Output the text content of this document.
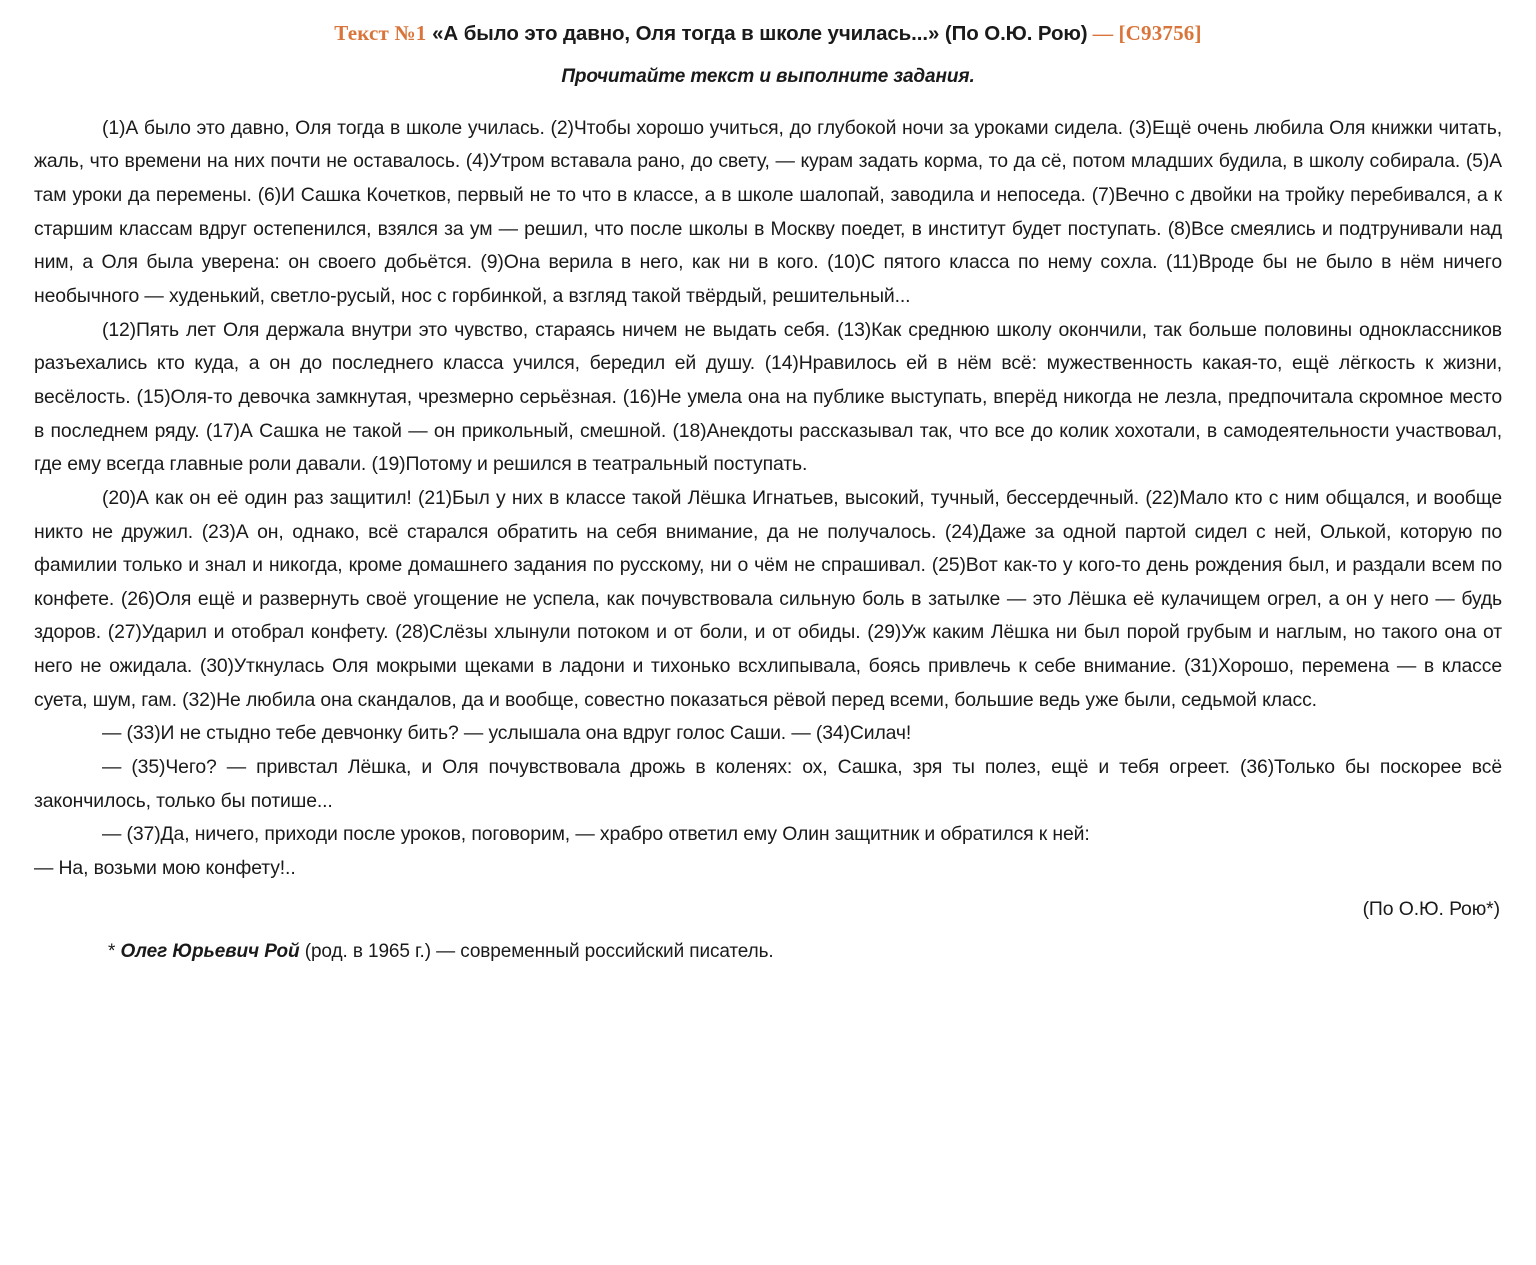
Текст №1 «А было это давно, Оля тогда в школе училась...» (По О.Ю. Рою) — [C93756]
Прочитайте текст и выполните задания.

(1)А было это давно, Оля тогда в школе училась. (2)Чтобы хорошо учиться, до глубокой ночи за уроками сидела. (3)Ещё очень любила Оля книжки читать, жаль, что времени на них почти не оставалось. (4)Утром вставала рано, до свету, — курам задать корма, то да сё, потом младших будила, в школу собирала. (5)А там уроки да перемены. (6)И Сашка Кочетков, первый не то что в классе, а в школе шалопай, заводила и непоседа. (7)Вечно с двойки на тройку перебивался, а к старшим классам вдруг остепенился, взялся за ум — решил, что после школы в Москву поедет, в институт будет поступать. (8)Все смеялись и подтрунивали над ним, а Оля была уверена: он своего добьётся. (9)Она верила в него, как ни в кого. (10)С пятого класса по нему сохла. (11)Вроде бы не было в нём ничего необычного — худенький, светло-русый, нос с горбинкой, а взгляд такой твёрдый, решительный...

(12)Пять лет Оля держала внутри это чувство, стараясь ничем не выдать себя. (13)Как среднюю школу окончили, так больше половины одноклассников разъехались кто куда, а он до последнего класса учился, бередил ей душу. (14)Нравилось ей в нём всё: мужественность какая-то, ещё лёгкость к жизни, весёлость. (15)Оля-то девочка замкнутая, чрезмерно серьёзная. (16)Не умела она на публике выступать, вперёд никогда не лезла, предпочитала скромное место в последнем ряду. (17)А Сашка не такой — он прикольный, смешной. (18)Анекдоты рассказывал так, что все до колик хохотали, в самодеятельности участвовал, где ему всегда главные роли давали. (19)Потому и решился в театральный поступать.

(20)А как он её один раз защитил! (21)Был у них в классе такой Лёшка Игнатьев, высокий, тучный, бессердечный. (22)Мало кто с ним общался, и вообще никто не дружил. (23)А он, однако, всё старался обратить на себя внимание, да не получалось. (24)Даже за одной партой сидел с ней, Олькой, которую по фамилии только и знал и никогда, кроме домашнего задания по русскому, ни о чём не спрашивал. (25)Вот как-то у кого-то день рождения был, и раздали всем по конфете. (26)Оля ещё и развернуть своё угощение не успела, как почувствовала сильную боль в затылке — это Лёшка её кулачищем огрел, а он у него — будь здоров. (27)Ударил и отобрал конфету. (28)Слёзы хлынули потоком и от боли, и от обиды. (29)Уж каким Лёшка ни был порой грубым и наглым, но такого она от него не ожидала. (30)Уткнулась Оля мокрыми щеками в ладони и тихонько всхлипывала, боясь привлечь к себе внимание. (31)Хорошо, перемена — в классе суета, шум, гам. (32)Не любила она скандалов, да и вообще, совестно показаться рёвой перед всеми, большие ведь уже были, седьмой класс.

— (33)И не стыдно тебе девчонку бить? — услышала она вдруг голос Саши. — (34)Силач!

— (35)Чего? — привстал Лёшка, и Оля почувствовала дрожь в коленях: ох, Сашка, зря ты полез, ещё и тебя огреет. (36)Только бы поскорее всё закончилось, только бы потише...

— (37)Да, ничего, приходи после уроков, поговорим, — храбро ответил ему Олин защитник и обратился к ней:

— На, возьми мою конфету!..

(По О.Ю. Рою*)
* Олег Юрьевич Рой (род. в 1965 г.) — современный российский писатель.
